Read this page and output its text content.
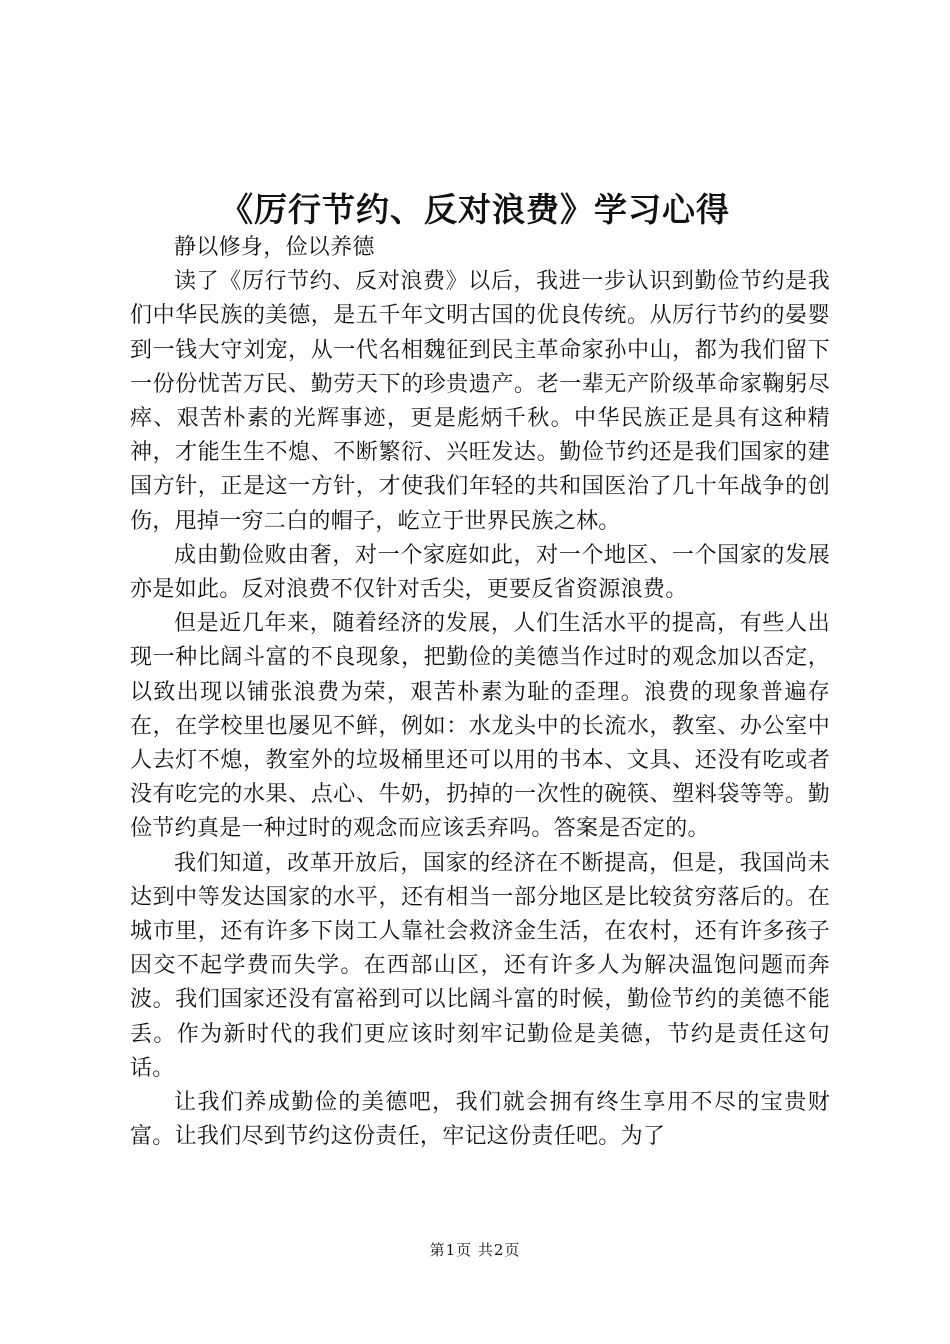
《厉行节约、反对浪费》学习心得

静以修身，俭以养德

读了《厉行节约、反对浪费》以后，我进一步认识到勤俭节约是我们中华民族的美德，是五千年文明古国的优良传统。从厉行节约的晏婴到一钱大守刘宠，从一代名相魏征到民主革命家孙中山，都为我们留下一份份忧苦万民、勤劳天下的珍贵遗产。老一辈无产阶级革命家鞠躬尽瘁、艰苦朴素的光辉事迹，更是彪炳千秋。中华民族正是具有这种精神，才能生生不熄、不断繁衍、兴旺发达。勤俭节约还是我们国家的建国方针，正是这一方针，才使我们年轻的共和国医治了几十年战争的创伤，甩掉一穷二白的帽子，屹立于世界民族之林。

成由勤俭败由奢，对一个家庭如此，对一个地区、一个国家的发展亦是如此。反对浪费不仅针对舌尖，更要反省资源浪费。

但是近几年来，随着经济的发展，人们生活水平的提高，有些人出现一种比阔斗富的不良现象，把勤俭的美德当作过时的观念加以否定，以致出现以铺张浪费为荣，艰苦朴素为耻的歪理。浪费的现象普遍存在，在学校里也屡见不鲜，例如：水龙头中的长流水，教室、办公室中人去灯不熄，教室外的垃圾桶里还可以用的书本、文具、还没有吃或者没有吃完的水果、点心、牛奶，扔掉的一次性的碗筷、塑料袋等等。勤俭节约真是一种过时的观念而应该丢弃吗。答案是否定的。

我们知道，改革开放后，国家的经济在不断提高，但是，我国尚未达到中等发达国家的水平，还有相当一部分地区是比较贫穷落后的。在城市里，还有许多下岗工人靠社会救济金生活，在农村，还有许多孩子因交不起学费而失学。在西部山区，还有许多人为解决温饱问题而奔波。我们国家还没有富裕到可以比阔斗富的时候，勤俭节约的美德不能丢。作为新时代的我们更应该时刻牢记勤俭是美德，节约是责任这句话。

让我们养成勤俭的美德吧，我们就会拥有终生享用不尽的宝贵财富。让我们尽到节约这份责任，牢记这份责任吧。为了

第1页 共2页
